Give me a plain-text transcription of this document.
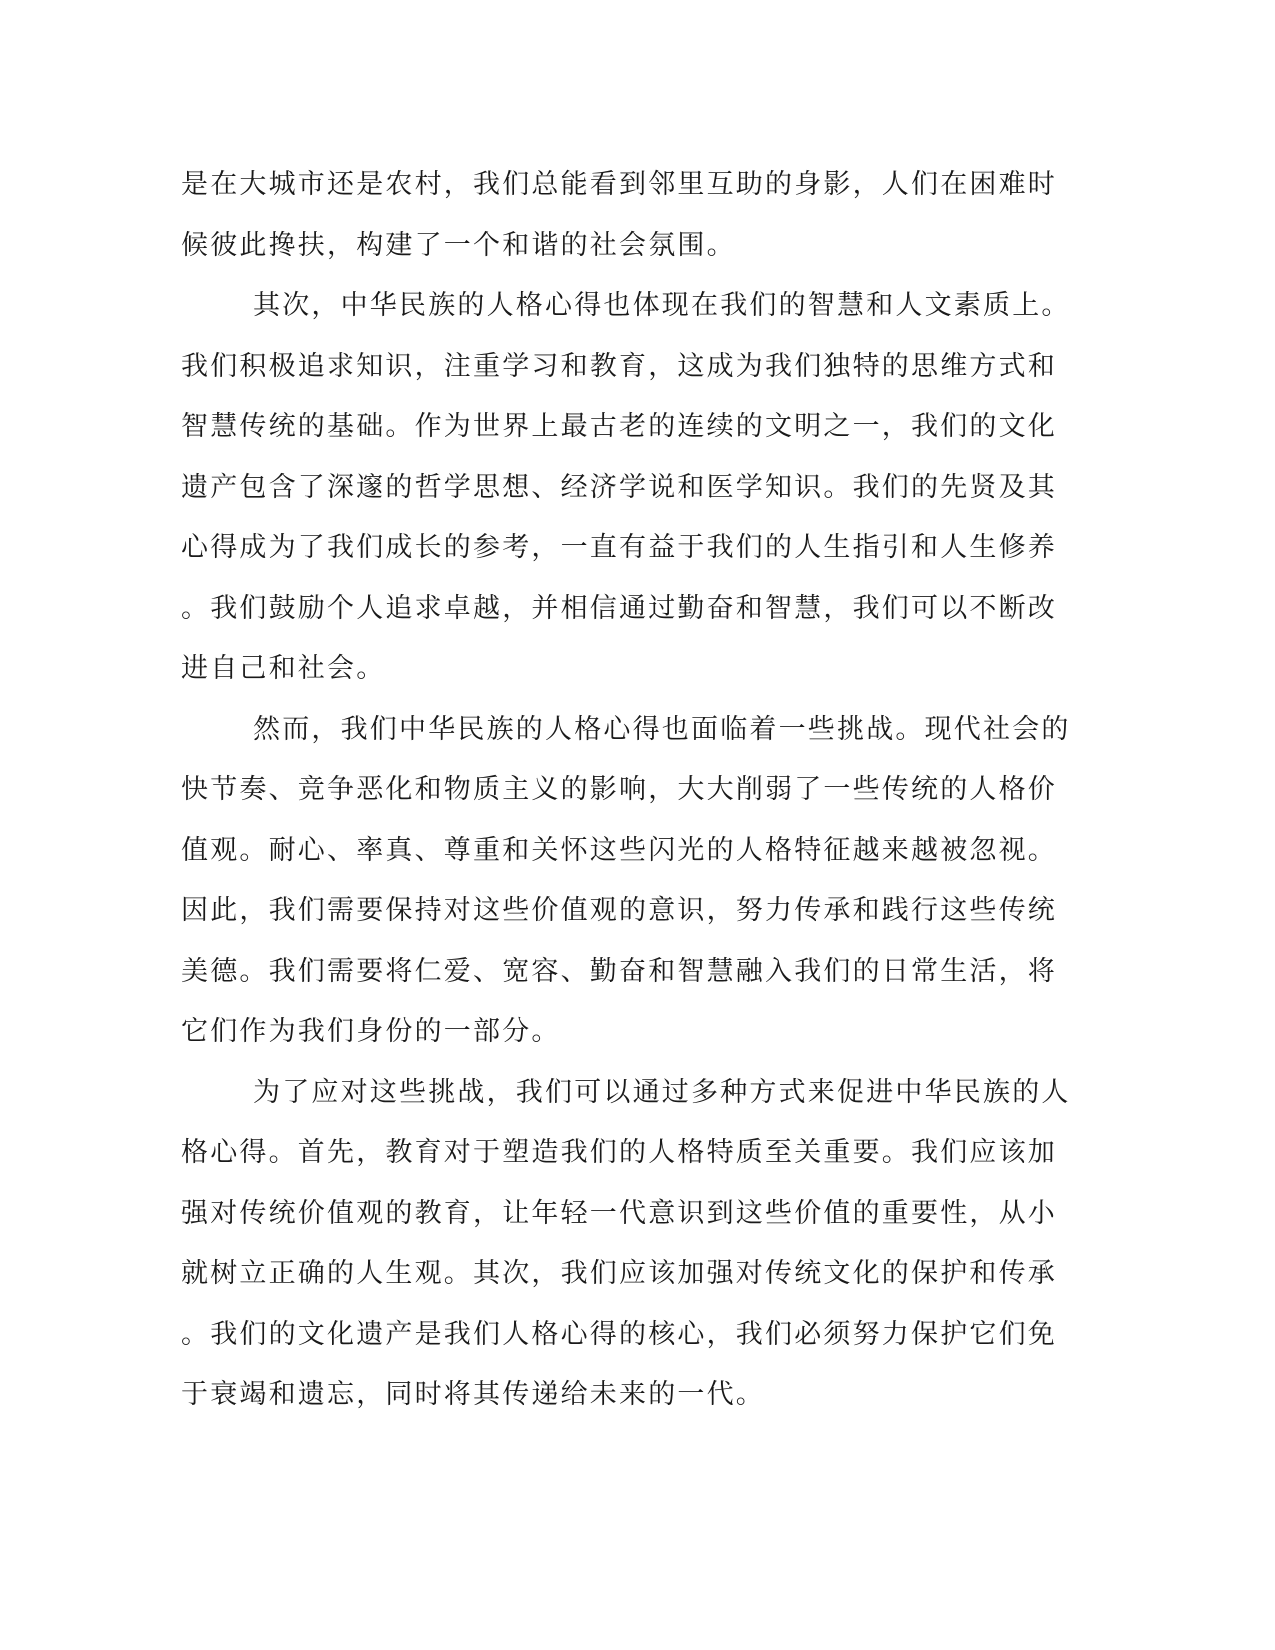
是在大城市还是农村，我们总能看到邻里互助的身影，人们在困难时
候彼此搀扶，构建了一个和谐的社会氛围。
其次，中华民族的人格心得也体现在我们的智慧和人文素质上。
我们积极追求知识，注重学习和教育，这成为我们独特的思维方式和
智慧传统的基础。作为世界上最古老的连续的文明之一，我们的文化
遗产包含了深邃的哲学思想、经济学说和医学知识。我们的先贤及其
心得成为了我们成长的参考，一直有益于我们的人生指引和人生修养
。我们鼓励个人追求卓越，并相信通过勤奋和智慧，我们可以不断改
进自己和社会。
然而，我们中华民族的人格心得也面临着一些挑战。现代社会的
快节奏、竞争恶化和物质主义的影响，大大削弱了一些传统的人格价
值观。耐心、率真、尊重和关怀这些闪光的人格特征越来越被忽视。
因此，我们需要保持对这些价值观的意识，努力传承和践行这些传统
美德。我们需要将仁爱、宽容、勤奋和智慧融入我们的日常生活，将
它们作为我们身份的一部分。
为了应对这些挑战，我们可以通过多种方式来促进中华民族的人
格心得。首先，教育对于塑造我们的人格特质至关重要。我们应该加
强对传统价值观的教育，让年轻一代意识到这些价值的重要性，从小
就树立正确的人生观。其次，我们应该加强对传统文化的保护和传承
。我们的文化遗产是我们人格心得的核心，我们必须努力保护它们免
于衰竭和遗忘，同时将其传递给未来的一代。
